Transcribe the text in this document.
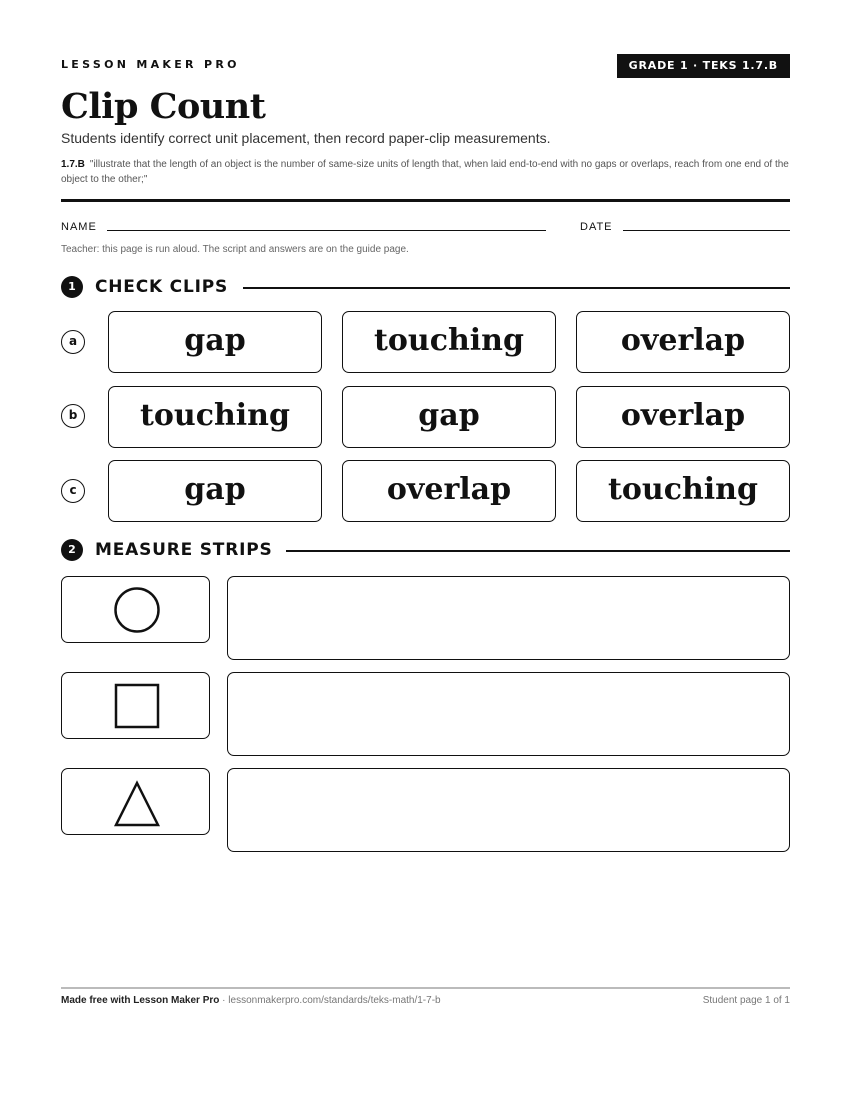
LESSON MAKER PRO	GRADE 1 · TEKS 1.7.B
Clip Count
Students identify correct unit placement, then record paper-clip measurements.
1.7.B "illustrate that the length of an object is the number of same-size units of length that, when laid end-to-end with no gaps or overlaps, reach from one end of the object to the other;"
NAME	DATE
Teacher: this page is run aloud. The script and answers are on the guide page.
1	CHECK CLIPS
a	gap	touching	overlap
b	touching	gap	overlap
c	gap	overlap	touching
2	MEASURE STRIPS
Made free with Lesson Maker Pro · lessonmakerpro.com/standards/teks-math/1-7-b	Student page 1 of 1
